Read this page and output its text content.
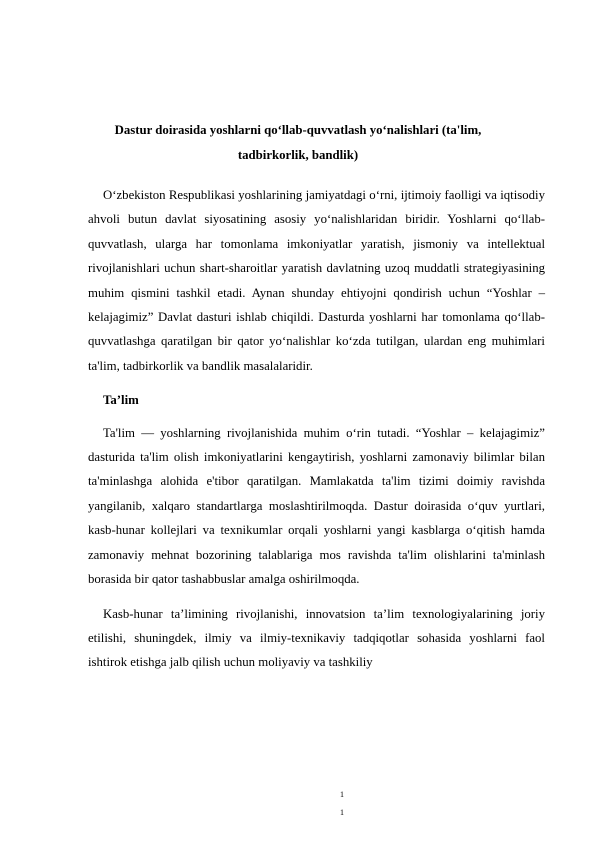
Dastur doirasida yoshlarni qo‘llab-quvvatlash yo‘nalishlari (ta'lim, tadbirkorlik, bandlik)

O‘zbekiston Respublikasi yoshlarining jamiyatdagi o‘rni, ijtimoiy faolligi va iqtisodiy ahvoli butun davlat siyosatining asosiy yo‘nalishlaridan biridir. Yoshlarni qo‘llab-quvvatlash, ularga har tomonlama imkoniyatlar yaratish, jismoniy va intellektual rivojlanishlari uchun shart-sharoitlar yaratish davlatning uzoq muddatli strategiyasining muhim qismini tashkil etadi. Aynan shunday ehtiyojni qondirish uchun “Yoshlar – kelajagimiz” Davlat dasturi ishlab chiqildi. Dasturda yoshlarni har tomonlama qo‘llab-quvvatlashga qaratilgan bir qator yo‘nalishlar ko‘zda tutilgan, ulardan eng muhimlari ta'lim, tadbirkorlik va bandlik masalalaridir.

Ta’lim

Ta'lim — yoshlarning rivojlanishida muhim o‘rin tutadi. “Yoshlar – kelajagimiz” dasturida ta'lim olish imkoniyatlarini kengaytirish, yoshlarni zamonaviy bilimlar bilan ta'minlashga alohida e'tibor qaratilgan. Mamlakatda ta'lim tizimi doimiy ravishda yangilanib, xalqaro standartlarga moslashtirilmoqda. Dastur doirasida o‘quv yurtlari, kasb-hunar kollejlari va texnikumlar orqali yoshlarni yangi kasblarga o‘qitish hamda zamonaviy mehnat bozorining talablariga mos ravishda ta'lim olishlarini ta'minlash borasida bir qator tashabbuslar amalga oshirilmoqda.

Kasb-hunar ta’limining rivojlanishi, innovatsion ta’lim texnologiyalarining joriy etilishi, shuningdek, ilmiy va ilmiy-texnikaviy tadqiqotlar sohasida yoshlarni faol ishtirok etishga jalb qilish uchun moliyaviy va tashkiliy

1
1
